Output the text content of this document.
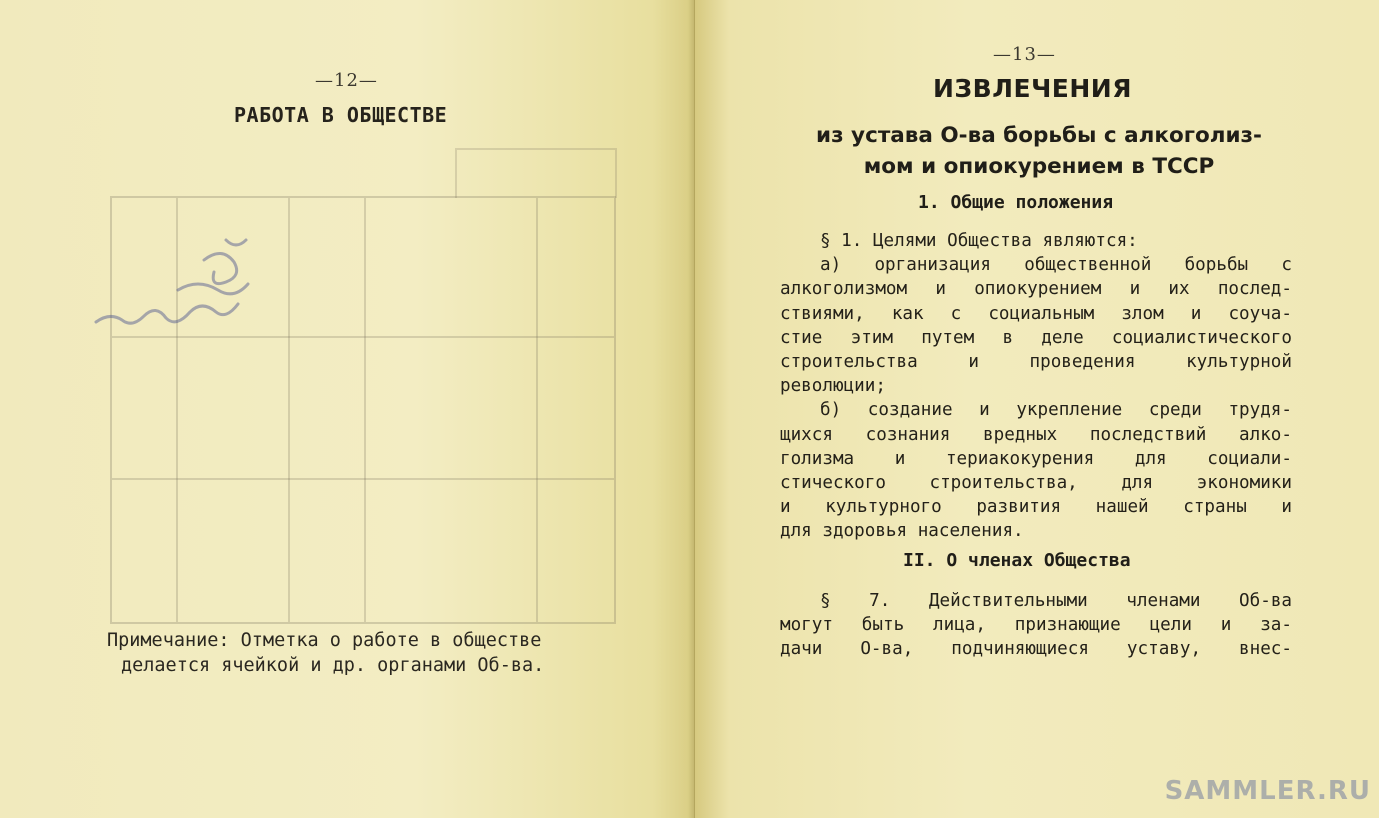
—12—
РАБОТА В ОБЩЕСТВЕ
Примечание: Отметка о работе в обществе
делается ячейкой и др. органами Об-ва.
—13—
ИЗВЛЕЧЕНИЯ
из устава О-ва борьбы с алкоголиз-
мом и опиокурением в ТССР
1. Общие положения
§ 1. Целями Общества являются:
а) организация общественной борьбы с
алкоголизмом и опиокурением и их послед-
ствиями, как с социальным злом и соуча-
стие этим путем в деле социалистического
строительства и проведения культурной
революции;
б) создание и укрепление среди трудя-
щихся сознания вредных последствий алко-
голизма и териакокурения для социали-
стического строительства, для экономики
и культурного развития нашей страны и
для здоровья населения.
II. О членах Общества
§ 7. Действительными членами Об-ва
могут быть лица, признающие цели и за-
дачи О-ва, подчиняющиеся уставу, внес-
SAMMLER.RU
